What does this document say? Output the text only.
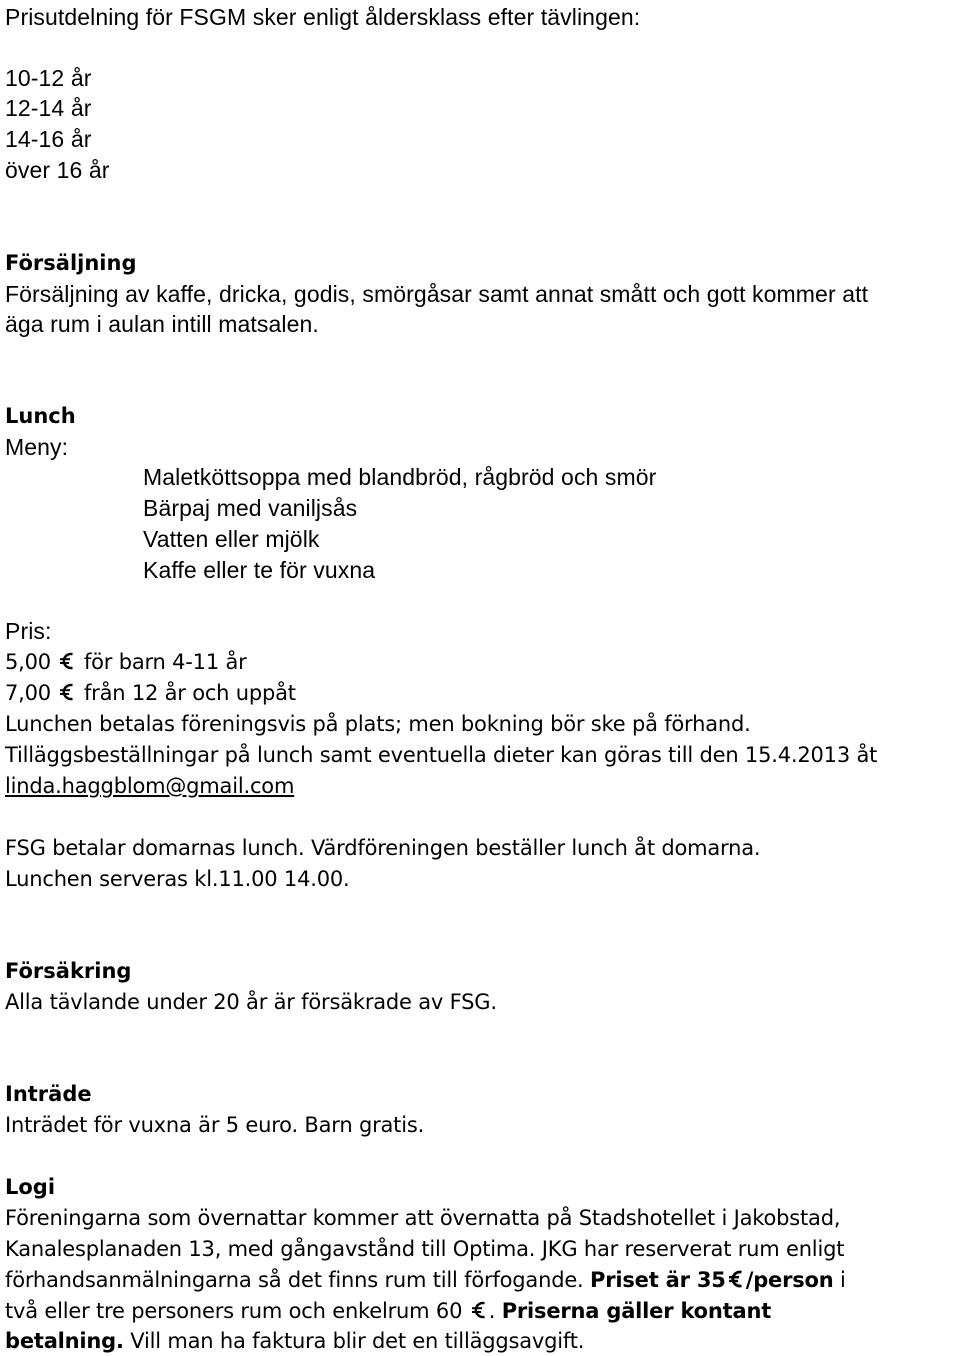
Prisutdelning för FSGM sker enligt åldersklass efter tävlingen:
10-12 år
12-14 år
14-16 år
över 16 år
Försäljning
Försäljning av kaffe, dricka, godis, smörgåsar samt annat smått och gott kommer att
äga rum i aulan intill matsalen.
Lunch
Meny:
Maletköttsoppa med blandbröd, rågbröd och smör
Bärpaj med vaniljsås
Vatten eller mjölk
Kaffe eller te för vuxna
Pris:
5,00 för barn 4-11 år
7,00 från 12 år och uppåt
Lunchen betalas föreningsvis på plats; men bokning bör ske på förhand.
Tilläggsbeställningar på lunch samt eventuella dieter kan göras till den 15.4.2013 åt
linda.haggblom@gmail.com
FSG betalar domarnas lunch. Värdföreningen beställer lunch åt domarna.
Lunchen serveras kl.11.00 14.00.
Försäkring
Alla tävlande under 20 år är försäkrade av FSG.
Inträde
Inträdet för vuxna är 5 euro. Barn gratis.
Logi
Föreningarna som övernattar kommer att övernatta på Stadshotellet i Jakobstad,
Kanalesplanaden 13, med gångavstånd till Optima. JKG har reserverat rum enligt
förhandsanmälningarna så det finns rum till förfogande. Priset är 35 /person i
två eller tre personers rum och enkelrum 60 . Priserna gäller kontant
betalning. Vill man ha faktura blir det en tilläggsavgift.
